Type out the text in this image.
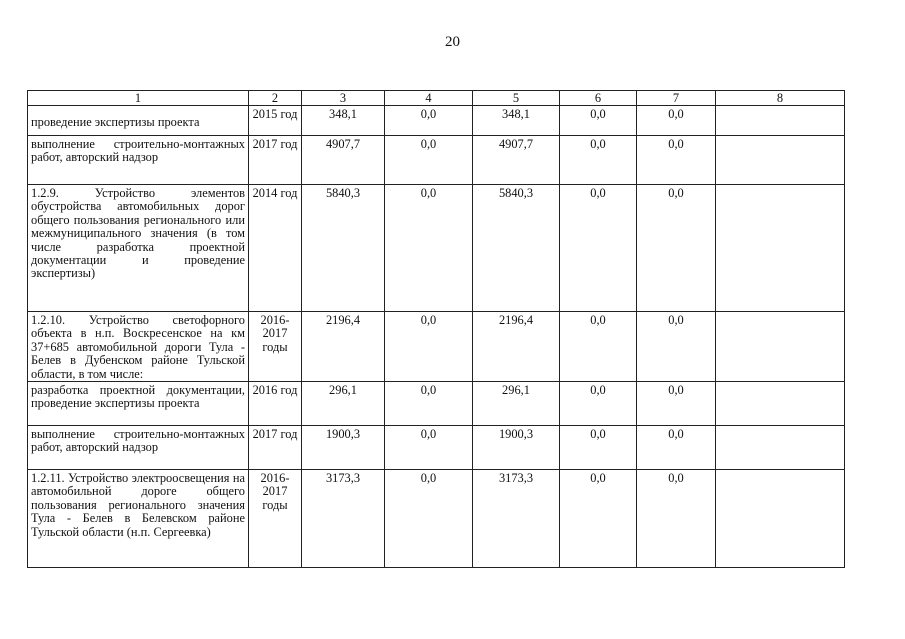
20
1	2	3	4	5	6	7	8
проведение экспертизы проекта	2015 год	348,1	0,0	348,1	0,0	0,0	
выполнение строительно-монтажных работ, авторский надзор	2017 год	4907,7	0,0	4907,7	0,0	0,0	
1.2.9. Устройство элементов обустройства автомобильных дорог общего пользования регионального или межмуниципального значения (в том числе разработка проектной документации и проведение экспертизы)	2014 год	5840,3	0,0	5840,3	0,0	0,0	
1.2.10. Устройство светофорного объекта в н.п. Воскресенское на км 37+685 автомобильной дороги Тула - Белев в Дубенском районе Тульской области, в том числе:	2016-2017 годы	2196,4	0,0	2196,4	0,0	0,0	
разработка проектной документации, проведение экспертизы проекта	2016 год	296,1	0,0	296,1	0,0	0,0	
выполнение строительно-монтажных работ, авторский надзор	2017 год	1900,3	0,0	1900,3	0,0	0,0	
1.2.11. Устройство электроосвещения на автомобильной дороге общего пользования регионального значения Тула - Белев в Белевском районе Тульской области (н.п. Сергеевка)	2016-2017 годы	3173,3	0,0	3173,3	0,0	0,0	
